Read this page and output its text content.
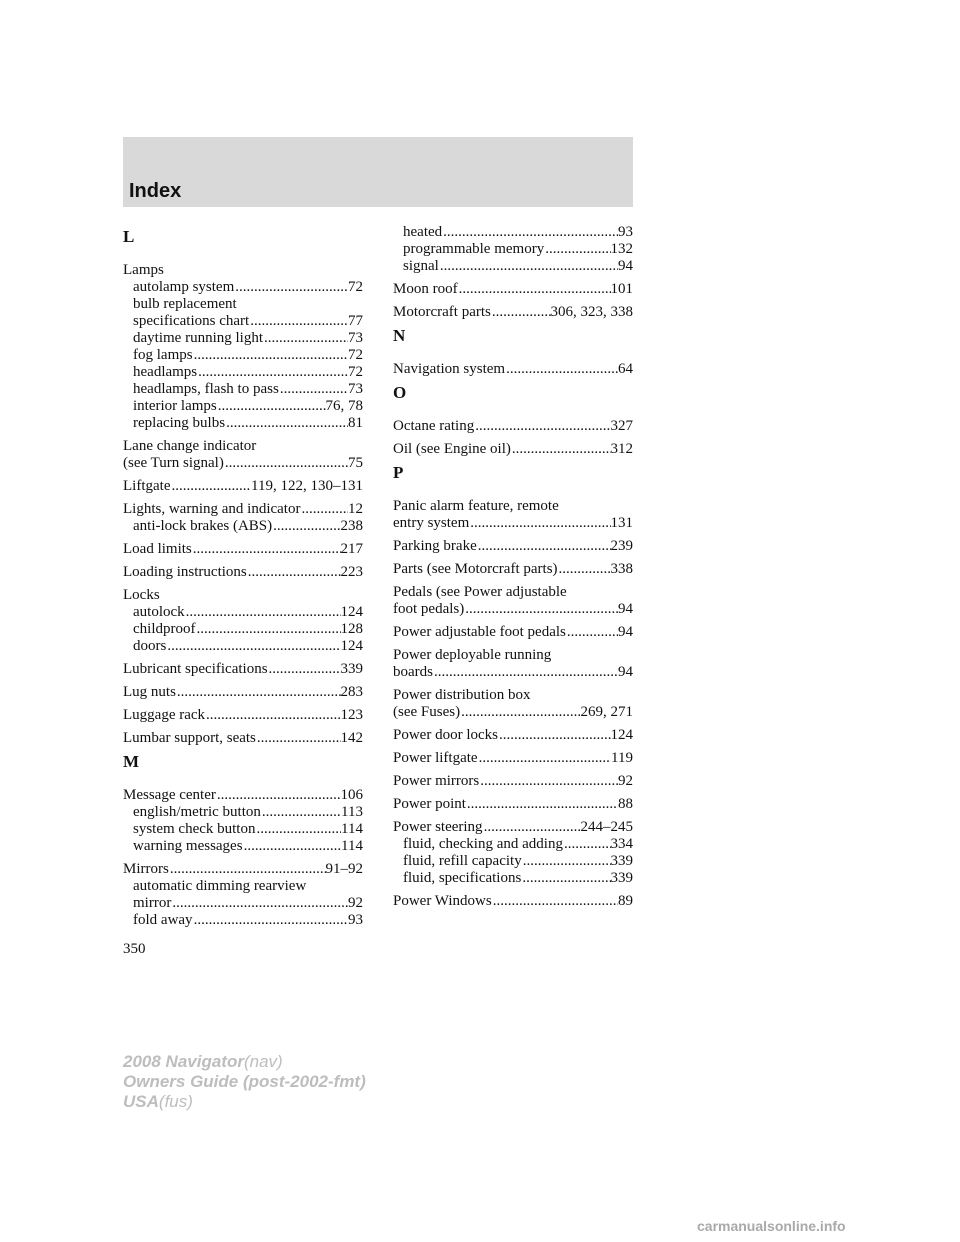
Index
L
Lamps
autolamp system .....	72
bulb replacement
specifications chart .....	77
daytime running light .....	73
fog lamps .....	72
headlamps .....	72
headlamps, flash to pass .....	73
interior lamps .....	76, 78
replacing bulbs .....	81
Lane change indicator
(see Turn signal) .....	75
Liftgate .....	119, 122, 130–131
Lights, warning and indicator .....	12
anti-lock brakes (ABS) .....	238
Load limits .....	217
Loading instructions .....	223
Locks
autolock .....	124
childproof .....	128
doors .....	124
Lubricant specifications .....	339
Lug nuts .....	283
Luggage rack .....	123
Lumbar support, seats .....	142
M
Message center .....	106
english/metric button .....	113
system check button .....	114
warning messages .....	114
Mirrors .....	91–92
automatic dimming rearview
mirror .....	92
fold away .....	93
heated .....	93
programmable memory .....	132
signal .....	94
Moon roof .....	101
Motorcraft parts .....	306, 323, 338
N
Navigation system .....	64
O
Octane rating .....	327
Oil (see Engine oil) .....	312
P
Panic alarm feature, remote
entry system .....	131
Parking brake .....	239
Parts (see Motorcraft parts) .....	338
Pedals (see Power adjustable
foot pedals) .....	94
Power adjustable foot pedals .....	94
Power deployable running
boards .....	94
Power distribution box
(see Fuses) .....	269, 271
Power door locks .....	124
Power liftgate .....	119
Power mirrors .....	92
Power point .....	88
Power steering .....	244–245
fluid, checking and adding .....	334
fluid, refill capacity .....	339
fluid, specifications .....	339
Power Windows .....	89
350
2008 Navigator(nav)
Owners Guide (post-2002-fmt)
USA(fus)
carmanualsonline.info
